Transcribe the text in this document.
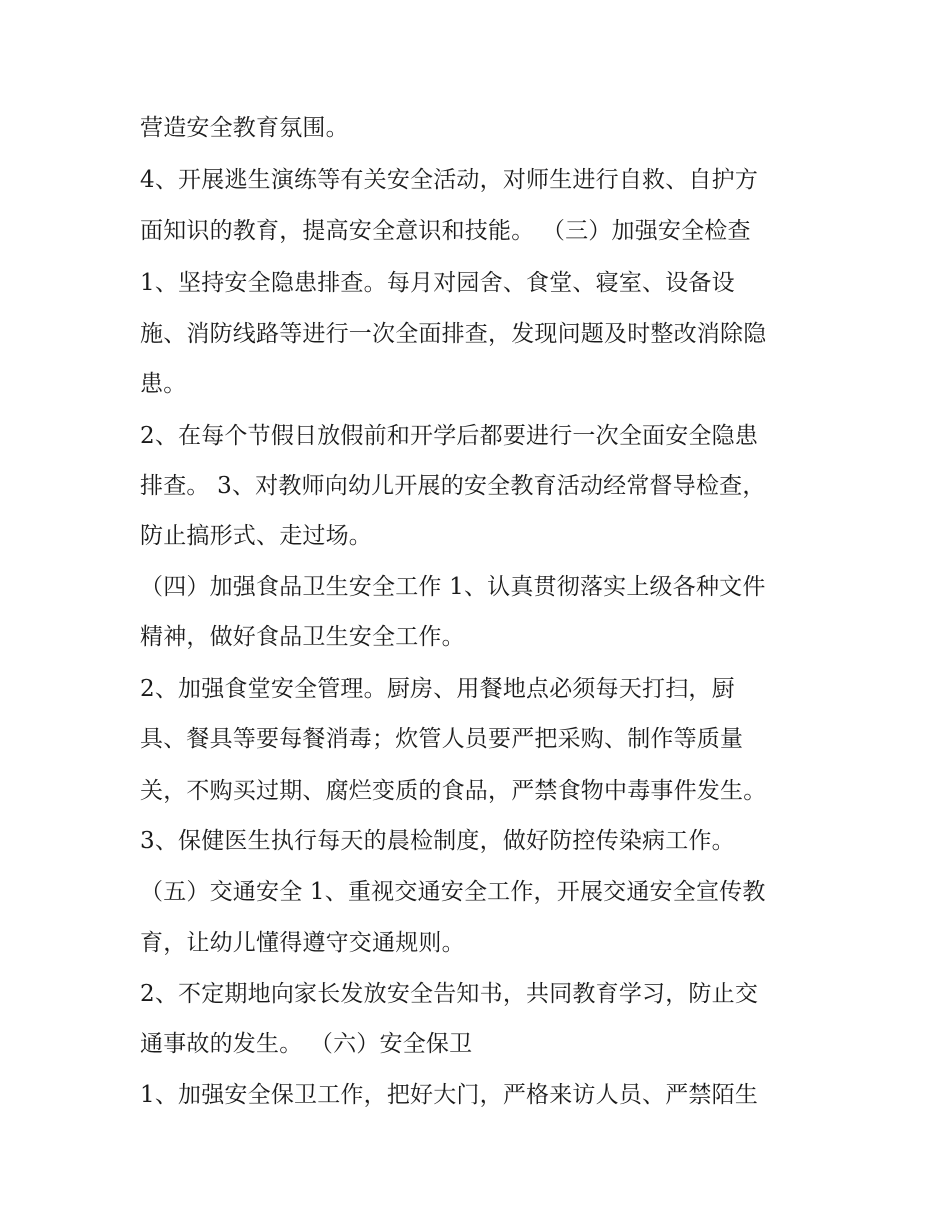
营造安全教育氛围。
4、开展逃生演练等有关安全活动，对师生进行自救、自护方
面知识的教育，提高安全意识和技能。 （三）加强安全检查
1、坚持安全隐患排查。每月对园舍、食堂、寝室、设备设
施、消防线路等进行一次全面排查，发现问题及时整改消除隐
患。
2、在每个节假日放假前和开学后都要进行一次全面安全隐患
排查。 3、对教师向幼儿开展的安全教育活动经常督导检查，
防止搞形式、走过场。
（四）加强食品卫生安全工作 1、认真贯彻落实上级各种文件
精神，做好食品卫生安全工作。
2、加强食堂安全管理。厨房、用餐地点必须每天打扫，厨
具、餐具等要每餐消毒；炊管人员要严把采购、制作等质量
关，不购买过期、腐烂变质的食品，严禁食物中毒事件发生。
3、保健医生执行每天的晨检制度，做好防控传染病工作。
（五）交通安全 1、重视交通安全工作，开展交通安全宣传教
育，让幼儿懂得遵守交通规则。
2、不定期地向家长发放安全告知书，共同教育学习，防止交
通事故的发生。 （六）安全保卫
1、加强安全保卫工作，把好大门，严格来访人员、严禁陌生
